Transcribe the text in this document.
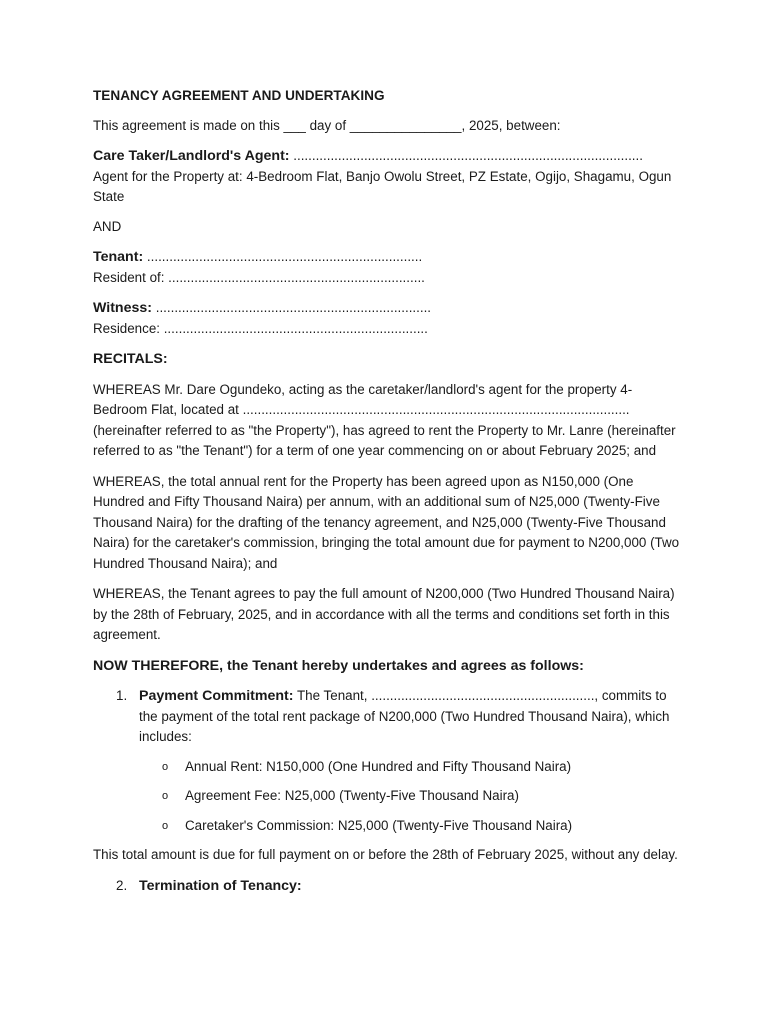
TENANCY AGREEMENT AND UNDERTAKING

This agreement is made on this ___ day of _______________, 2025, between:

Care Taker/Landlord's Agent: ..............................................................................................

Agent for the Property at: 4-Bedroom Flat, Banjo Owolu Street, PZ Estate, Ogijo, Shagamu, Ogun State

AND

Tenant: ..........................................................................

Resident of: .....................................................................

Witness: ..........................................................................

Residence: .......................................................................

RECITALS:

WHEREAS Mr. Dare Ogundeko, acting as the caretaker/landlord's agent for the property 4-Bedroom Flat, located at ........................................................................................................ (hereinafter referred to as "the Property"), has agreed to rent the Property to Mr. Lanre (hereinafter referred to as "the Tenant") for a term of one year commencing on or about February 2025; and

WHEREAS, the total annual rent for the Property has been agreed upon as N150,000 (One Hundred and Fifty Thousand Naira) per annum, with an additional sum of N25,000 (Twenty-Five Thousand Naira) for the drafting of the tenancy agreement, and N25,000 (Twenty-Five Thousand Naira) for the caretaker's commission, bringing the total amount due for payment to N200,000 (Two Hundred Thousand Naira); and

WHEREAS, the Tenant agrees to pay the full amount of N200,000 (Two Hundred Thousand Naira) by the 28th of February, 2025, and in accordance with all the terms and conditions set forth in this agreement.

NOW THEREFORE, the Tenant hereby undertakes and agrees as follows:

1. Payment Commitment: The Tenant, ............................................................, commits to the payment of the total rent package of N200,000 (Two Hundred Thousand Naira), which includes:

o Annual Rent: N150,000 (One Hundred and Fifty Thousand Naira)
o Agreement Fee: N25,000 (Twenty-Five Thousand Naira)
o Caretaker's Commission: N25,000 (Twenty-Five Thousand Naira)

This total amount is due for full payment on or before the 28th of February 2025, without any delay.

2. Termination of Tenancy:
